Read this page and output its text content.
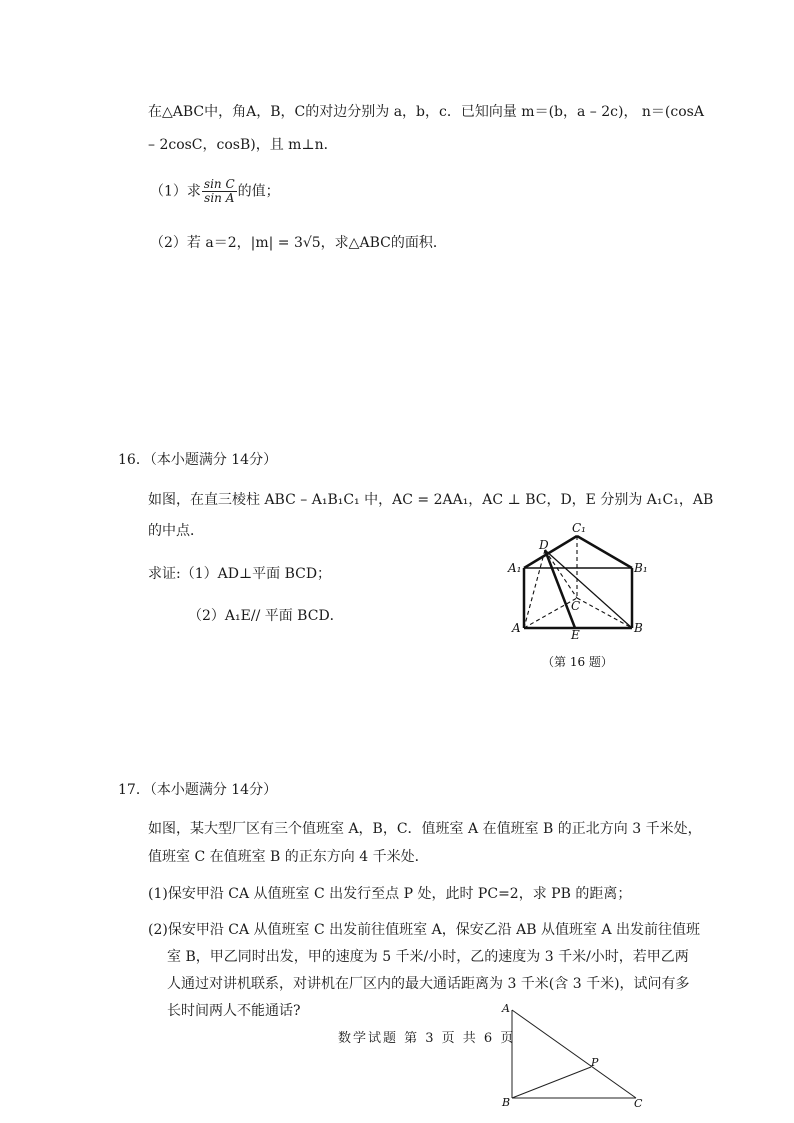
在△ABC中，角A，B，C的对边分别为 a，b，c．已知向量 m＝(b，a – 2c)， n＝(cosA
– 2cosC，cosB)，且 m⊥n．
（1）求 $\frac{\text{sin C}}{\text{sin A}}$ 的值；
（2）若 a＝2，|m| = 3√5，求△ABC的面积．
16．（本小题满分 14分）
如图，在直三棱柱 ABC – A₁B₁C₁ 中，AC = 2AA₁，AC ⊥ BC，D，E 分别为 A₁C₁，AB
的中点．
求证:（1）AD⊥平面 BCD；
（2）A₁E// 平面 BCD．
A₁	B₁
C₁
D
C
A	B
E
（第 16 题）
17．（本小题满分 14分）
如图，某大型厂区有三个值班室 A，B，C．值班室 A 在值班室 B 的正北方向 3 千米处，
值班室 C 在值班室 B 的正东方向 4 千米处．
(1)保安甲沿 CA 从值班室 C 出发行至点 P 处，此时 PC=2，求 PB 的距离；
(2)保安甲沿 CA 从值班室 C 出发前往值班室 A，保安乙沿 AB 从值班室 A 出发前往值班
室 B，甲乙同时出发，甲的速度为 5 千米/小时，乙的速度为 3 千米/小时，若甲乙两
人通过对讲机联系，对讲机在厂区内的最大通话距离为 3 千米(含 3 千米)，试问有多
长时间两人不能通话?	A
B	C
P
数学试题 第 3 页 共 6 页
